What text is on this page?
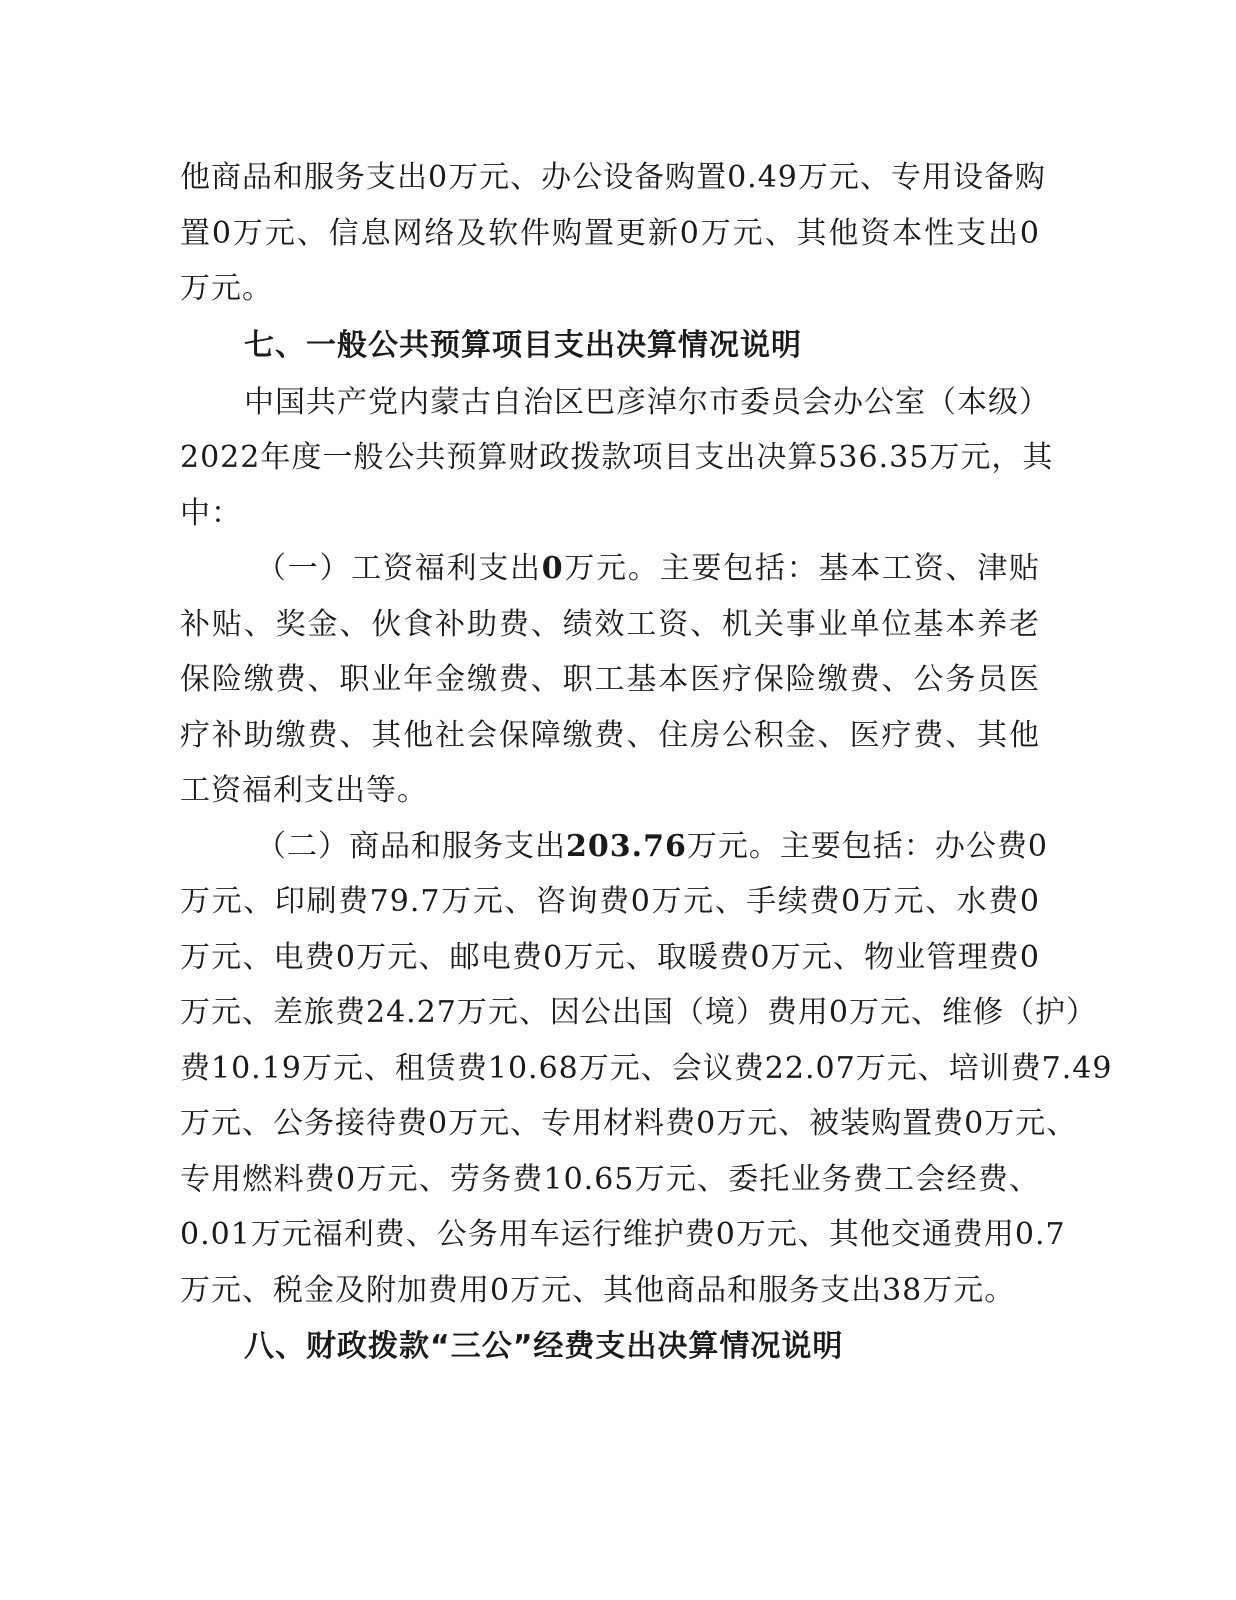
他商品和服务支出0万元、办公设备购置0.49万元、专用设备购
置0万元、信息网络及软件购置更新0万元、其他资本性支出0
万元。
七、一般公共预算项目支出决算情况说明
中国共产党内蒙古自治区巴彦淖尔市委员会办公室（本级）
2022年度一般公共预算财政拨款项目支出决算536.35万元，其
中：
（一）工资福利支出0万元。主要包括：基本工资、津贴
补贴、奖金、伙食补助费、绩效工资、机关事业单位基本养老
保险缴费、职业年金缴费、职工基本医疗保险缴费、公务员医
疗补助缴费、其他社会保障缴费、住房公积金、医疗费、其他
工资福利支出等。
（二）商品和服务支出203.76万元。主要包括：办公费0
万元、印刷费79.7万元、咨询费0万元、手续费0万元、水费0
万元、电费0万元、邮电费0万元、取暖费0万元、物业管理费0
万元、差旅费24.27万元、因公出国（境）费用0万元、维修（护）
费10.19万元、租赁费10.68万元、会议费22.07万元、培训费7.49
万元、公务接待费0万元、专用材料费0万元、被装购置费0万元、
专用燃料费0万元、劳务费10.65万元、委托业务费工会经费、
0.01万元福利费、公务用车运行维护费0万元、其他交通费用0.7
万元、税金及附加费用0万元、其他商品和服务支出38万元。
八、财政拨款“三公”经费支出决算情况说明
